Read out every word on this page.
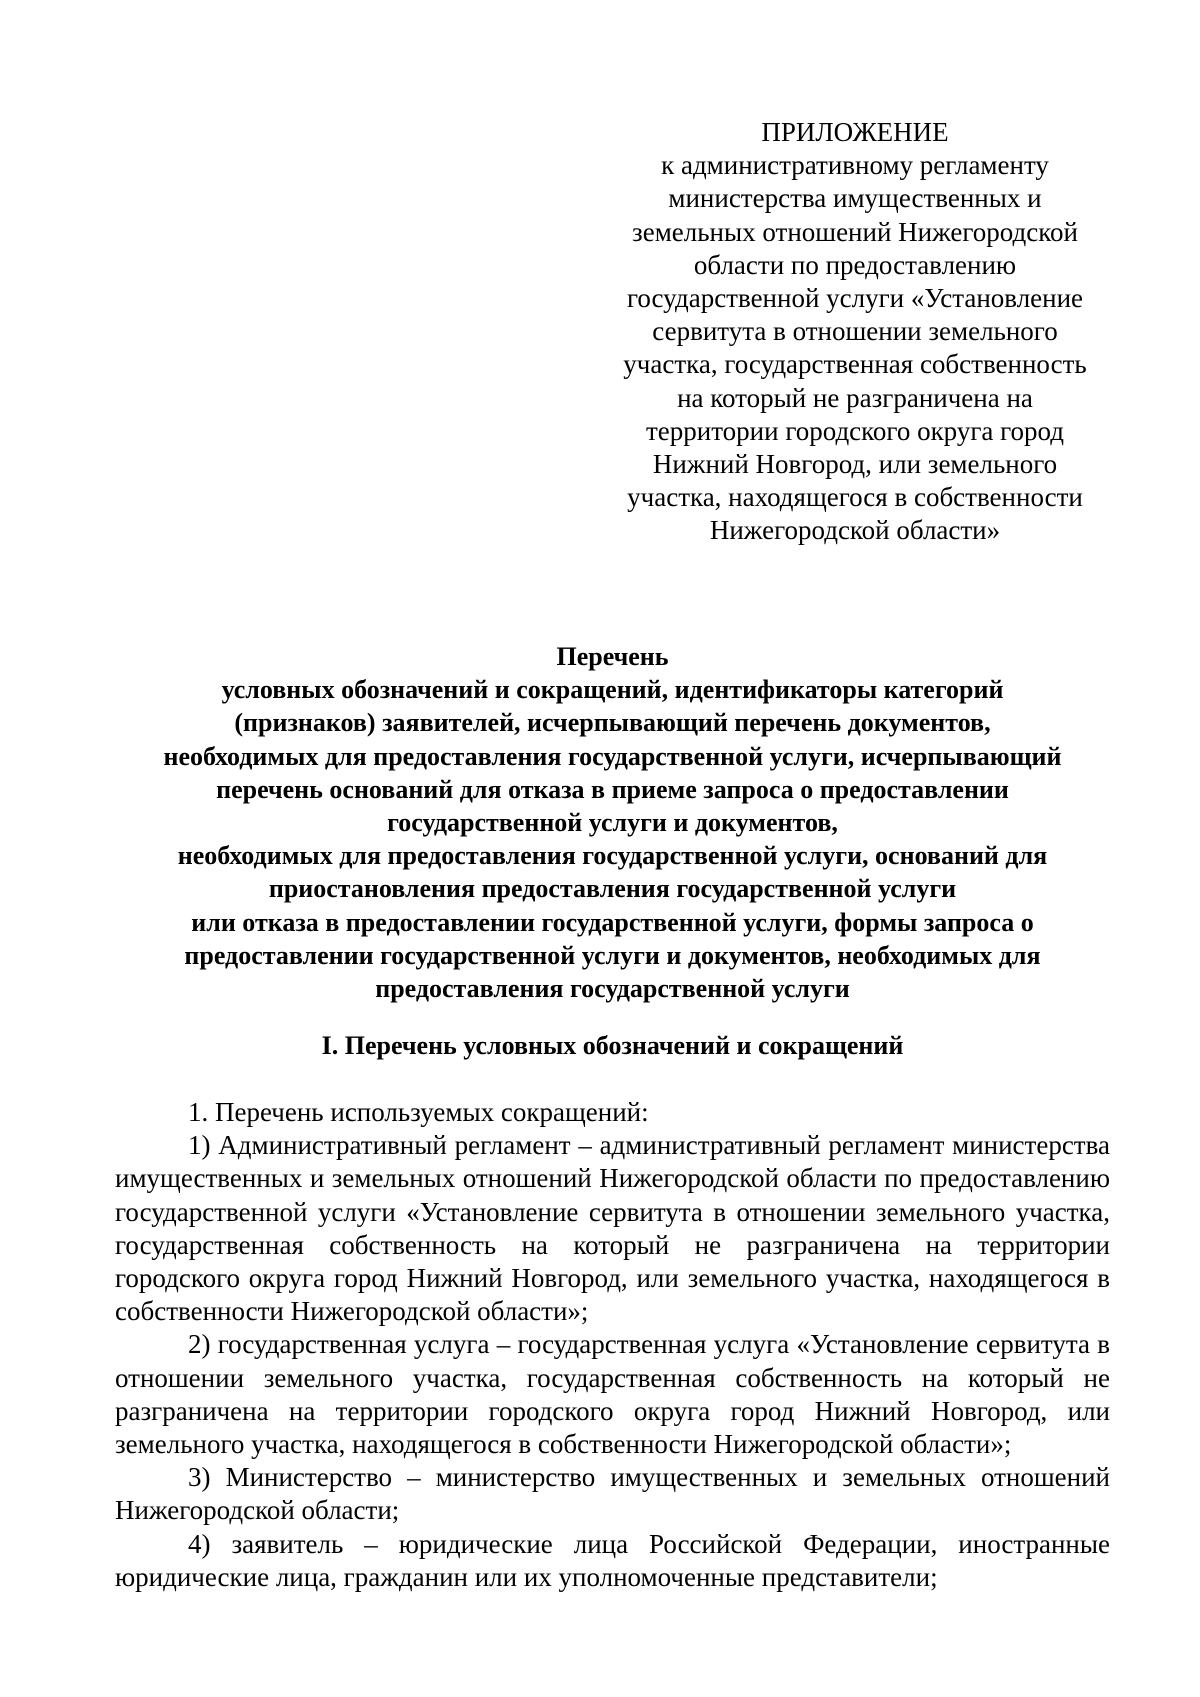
ПРИЛОЖЕНИЕ
к административному регламенту
министерства имущественных и
земельных отношений Нижегородской
области по предоставлению
государственной услуги «Установление
сервитута в отношении земельного
участка, государственная собственность
на который не разграничена на
территории городского округа город
Нижний Новгород, или земельного
участка, находящегося в собственности
Нижегородской области»
Перечень
условных обозначений и сокращений, идентификаторы категорий
(признаков) заявителей, исчерпывающий перечень документов,
необходимых для предоставления государственной услуги, исчерпывающий
перечень оснований для отказа в приеме запроса о предоставлении
государственной услуги и документов,
необходимых для предоставления государственной услуги, оснований для
приостановления предоставления государственной услуги
или отказа в предоставлении государственной услуги, формы запроса о
предоставлении государственной услуги и документов, необходимых для
предоставления государственной услуги
I. Перечень условных обозначений и сокращений

1. Перечень используемых сокращений:

1) Административный регламент – административный регламент министерства имущественных и земельных отношений Нижегородской области по предоставлению государственной услуги «Установление сервитута в отношении земельного участка, государственная собственность на который не разграничена на территории городского округа город Нижний Новгород, или земельного участка, находящегося в собственности Нижегородской области»;

2) государственная услуга – государственная услуга «Установление сервитута в отношении земельного участка, государственная собственность на который не разграничена на территории городского округа город Нижний Новгород, или земельного участка, находящегося в собственности Нижегородской области»;

3) Министерство – министерство имущественных и земельных отношений Нижегородской области;

4) заявитель – юридические лица Российской Федерации, иностранные юридические лица, гражданин или их уполномоченные представители;
